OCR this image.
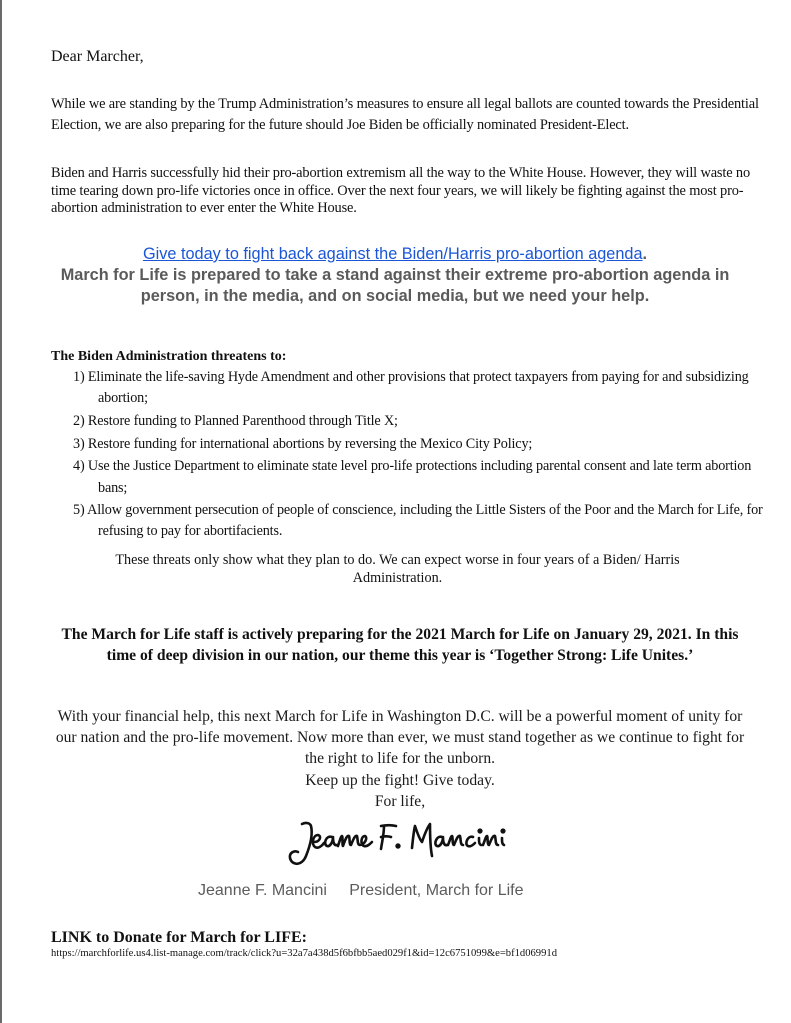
Dear Marcher,
While we are standing by the Trump Administration’s measures to ensure all legal ballots are counted towards the Presidential Election, we are also preparing for the future should Joe Biden be officially nominated President-Elect.
Biden and Harris successfully hid their pro-abortion extremism all the way to the White House. However, they will waste no time tearing down pro-life victories once in office. Over the next four years, we will likely be fighting against the most pro-abortion administration to ever enter the White House.
Give today to fight back against the Biden/Harris pro-abortion agenda.
March for Life is prepared to take a stand against their extreme pro-abortion agenda in person, in the media, and on social media, but we need your help.
The Biden Administration threatens to:
1) Eliminate the life-saving Hyde Amendment and other provisions that protect taxpayers from paying for and subsidizing abortion;
2) Restore funding to Planned Parenthood through Title X;
3) Restore funding for international abortions by reversing the Mexico City Policy;
4) Use the Justice Department to eliminate state level pro-life protections including parental consent and late term abortion bans;
5) Allow government persecution of people of conscience, including the Little Sisters of the Poor and the March for Life, for refusing to pay for abortifacients.
These threats only show what they plan to do. We can expect worse in four years of a Biden/ Harris Administration.
The March for Life staff is actively preparing for the 2021 March for Life on January 29, 2021. In this time of deep division in our nation, our theme this year is ‘Together Strong: Life Unites.’

With your financial help, this next March for Life in Washington D.C. will be a powerful moment of unity for our nation and the pro-life movement. Now more than ever, we must stand together as we continue to fight for the right to life for the unborn.

Keep up the fight! Give today.

For life,

Jeanne F. Mancini President, March for Life
LINK to Donate for March for LIFE:
https://marchforlife.us4.list-manage.com/track/click?u=32a7a438d5f6bfbb5aed029f1&id=12c6751099&e=bf1d06991d
